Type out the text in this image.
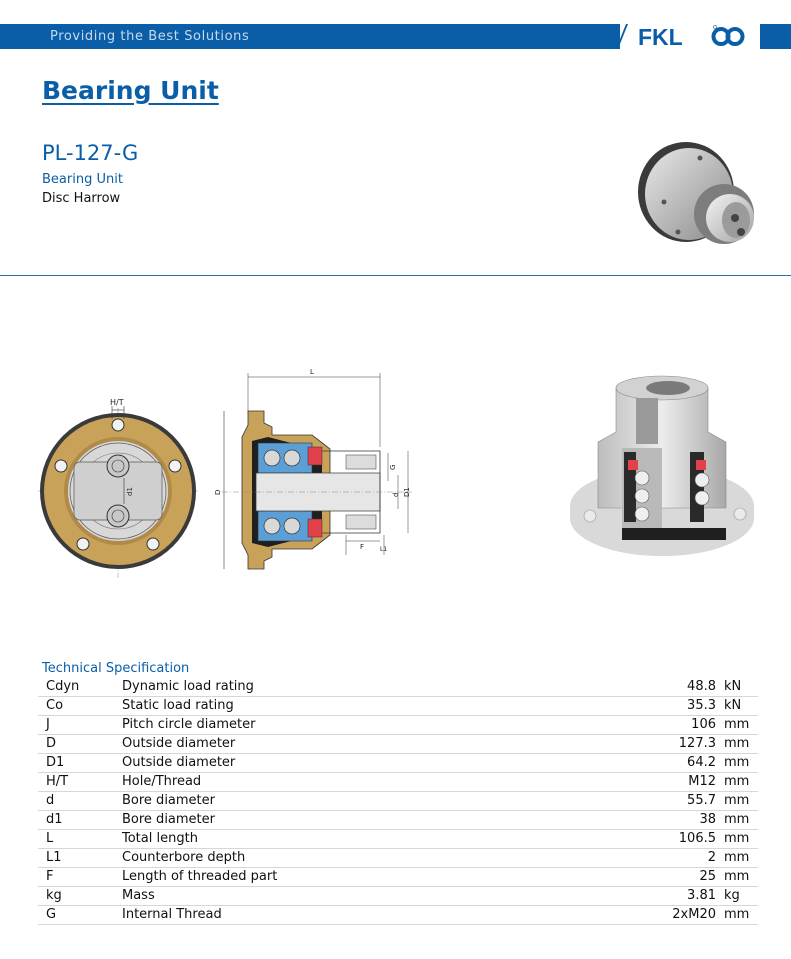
Providing the Best Solutions	FKL
Bearing Unit
PL-127-G
Bearing Unit
Disc Harrow
H/T
d1
L
D
G
d D1
F	L1
Technical Specification
Cdyn	Dynamic load rating	48.8	kN
Co	Static load rating	35.3	kN
J	Pitch circle diameter	106	mm
D	Outside diameter	127.3	mm
D1	Outside diameter	64.2	mm
H/T	Hole/Thread	M12	mm
d	Bore diameter	55.7	mm
d1	Bore diameter	38	mm
L	Total length	106.5	mm
L1	Counterbore depth	2	mm
F	Length of threaded part	25	mm
kg	Mass	3.81	kg
G	Internal Thread	2xM20	mm
